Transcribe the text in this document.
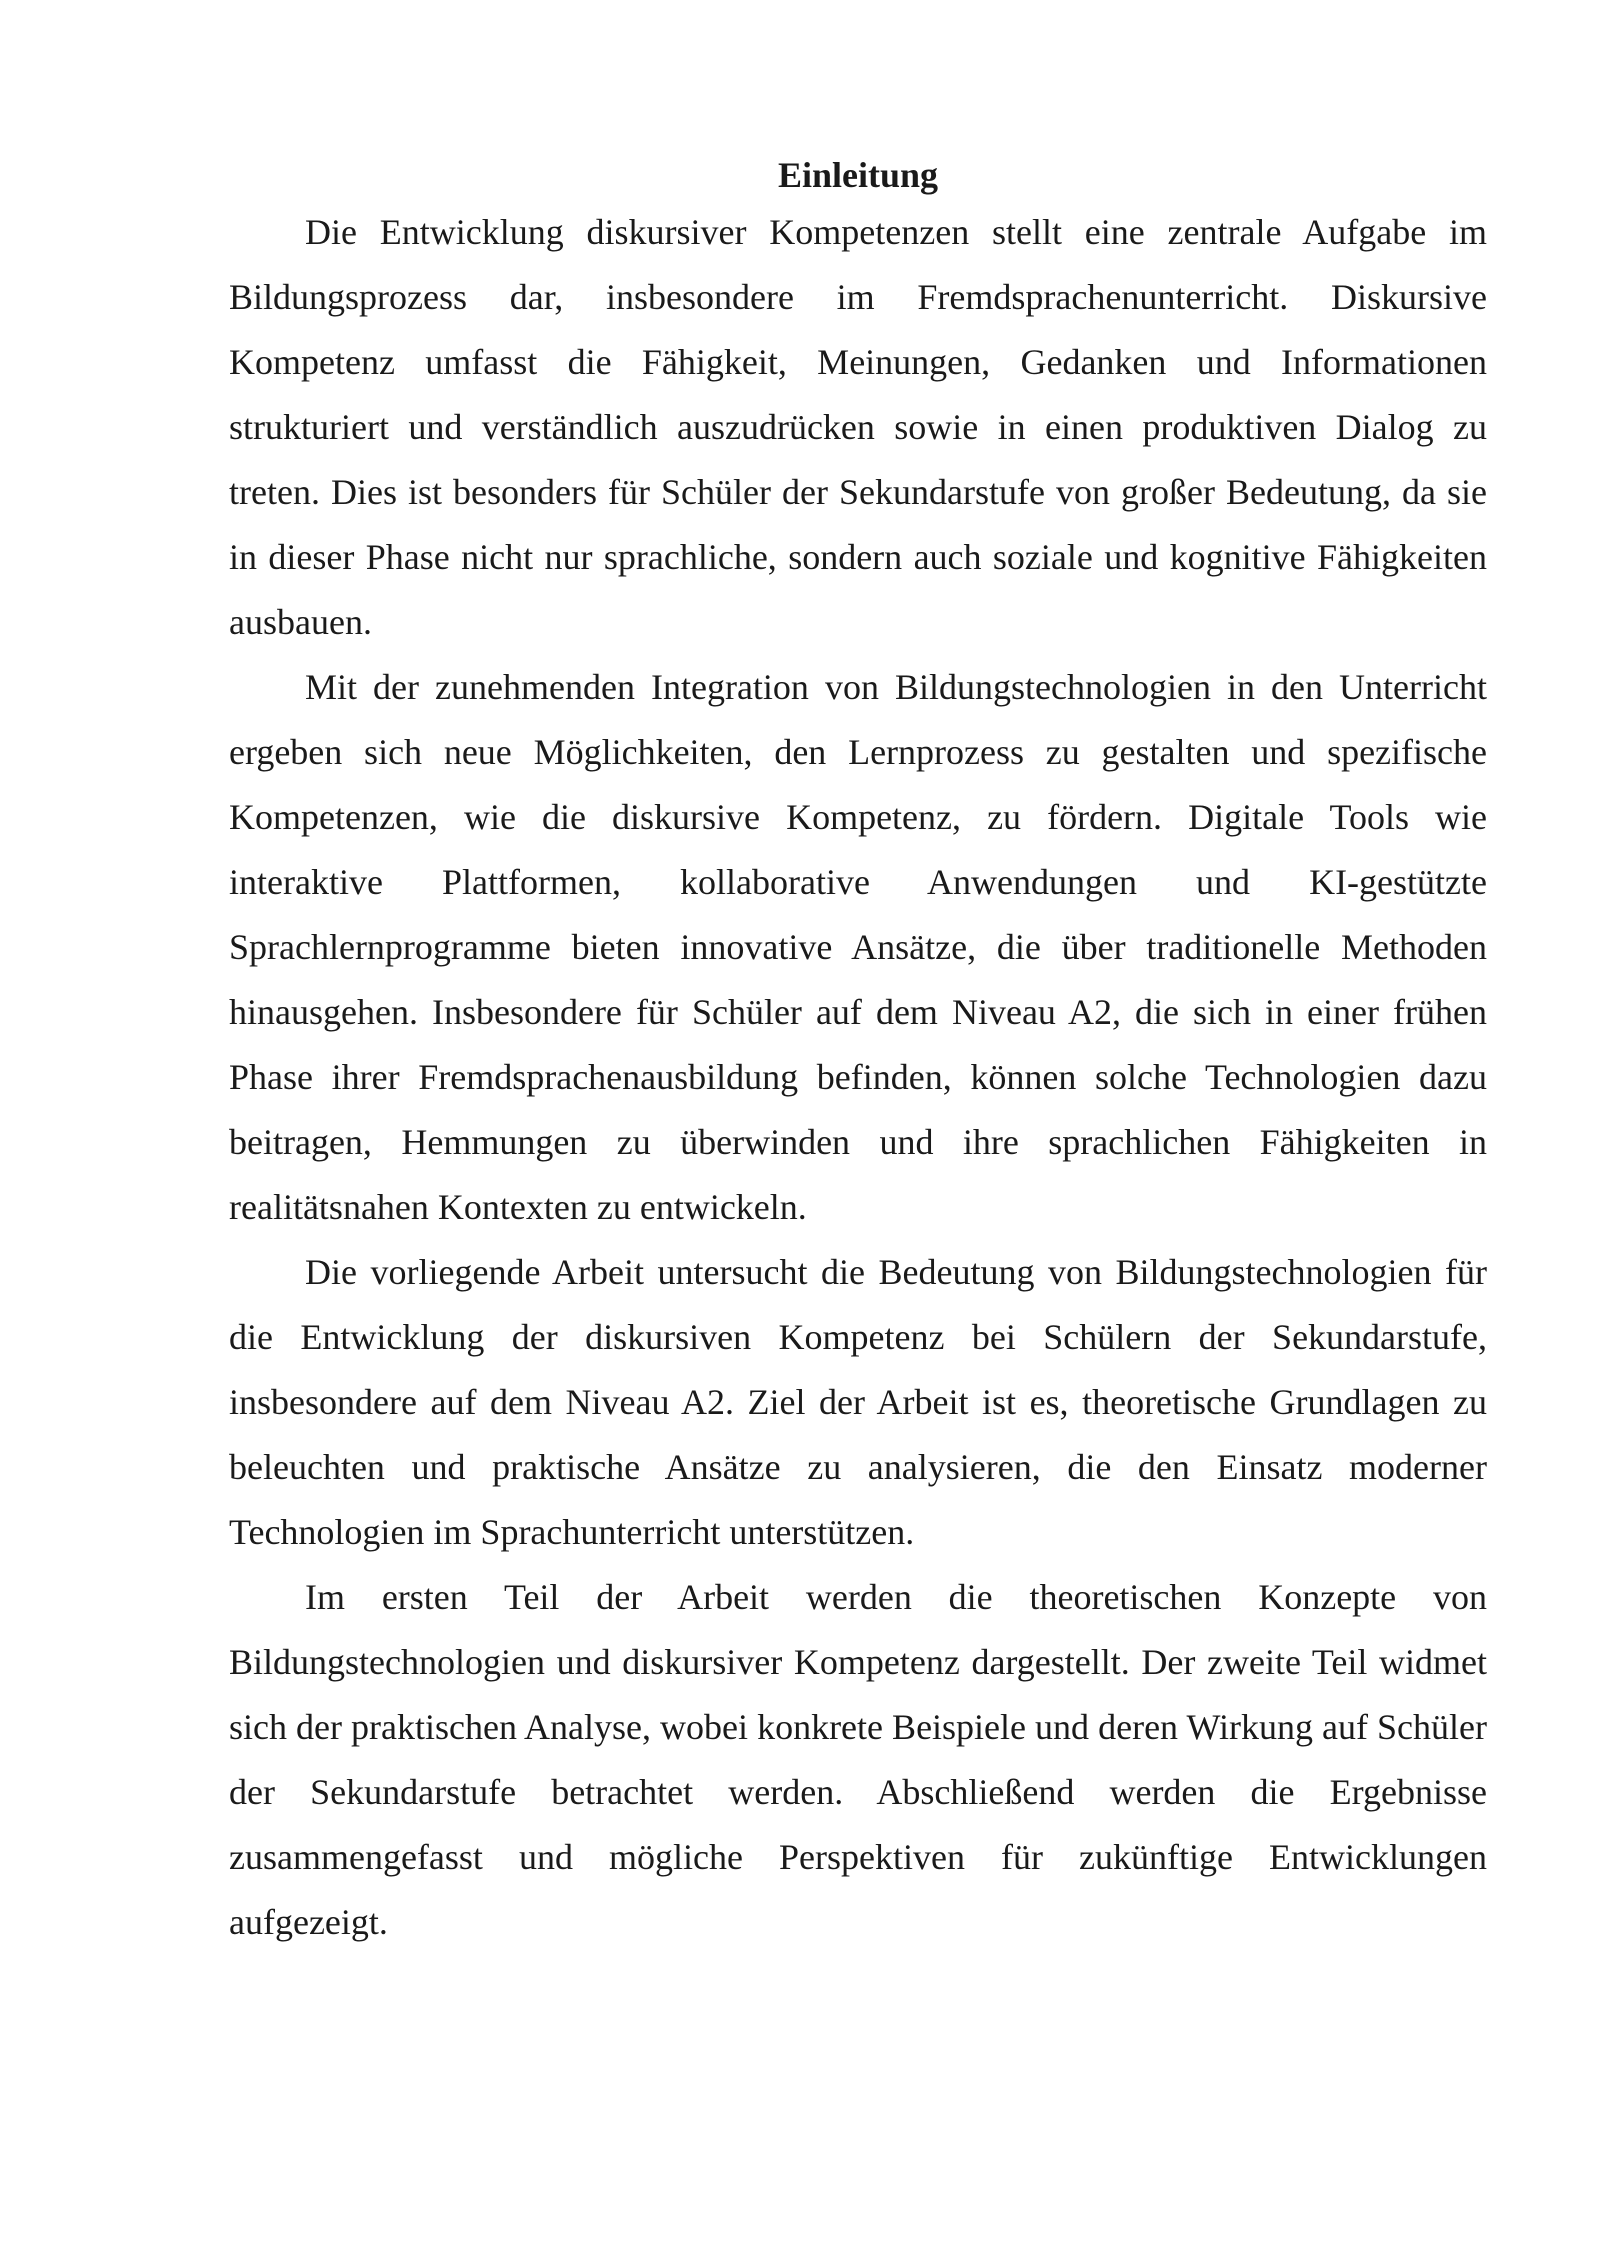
Einleitung

Die Entwicklung diskursiver Kompetenzen stellt eine zentrale Aufgabe im Bildungsprozess dar, insbesondere im Fremdsprachenunterricht. Diskursive Kompetenz umfasst die Fähigkeit, Meinungen, Gedanken und Informationen strukturiert und verständlich auszudrücken sowie in einen produktiven Dialog zu treten. Dies ist besonders für Schüler der Sekundarstufe von großer Bedeutung, da sie in dieser Phase nicht nur sprachliche, sondern auch soziale und kognitive Fähigkeiten ausbauen.

Mit der zunehmenden Integration von Bildungstechnologien in den Unterricht ergeben sich neue Möglichkeiten, den Lernprozess zu gestalten und spezifische Kompetenzen, wie die diskursive Kompetenz, zu fördern. Digitale Tools wie interaktive Plattformen, kollaborative Anwendungen und KI-gestützte Sprachlernprogramme bieten innovative Ansätze, die über traditionelle Methoden hinausgehen. Insbesondere für Schüler auf dem Niveau A2, die sich in einer frühen Phase ihrer Fremdsprachenausbildung befinden, können solche Technologien dazu beitragen, Hemmungen zu überwinden und ihre sprachlichen Fähigkeiten in realitätsnahen Kontexten zu entwickeln.

Die vorliegende Arbeit untersucht die Bedeutung von Bildungstechnologien für die Entwicklung der diskursiven Kompetenz bei Schülern der Sekundarstufe, insbesondere auf dem Niveau A2. Ziel der Arbeit ist es, theoretische Grundlagen zu beleuchten und praktische Ansätze zu analysieren, die den Einsatz moderner Technologien im Sprachunterricht unterstützen.

Im ersten Teil der Arbeit werden die theoretischen Konzepte von Bildungstechnologien und diskursiver Kompetenz dargestellt. Der zweite Teil widmet sich der praktischen Analyse, wobei konkrete Beispiele und deren Wirkung auf Schüler der Sekundarstufe betrachtet werden. Abschließend werden die Ergebnisse zusammengefasst und mögliche Perspektiven für zukünftige Entwicklungen aufgezeigt.
